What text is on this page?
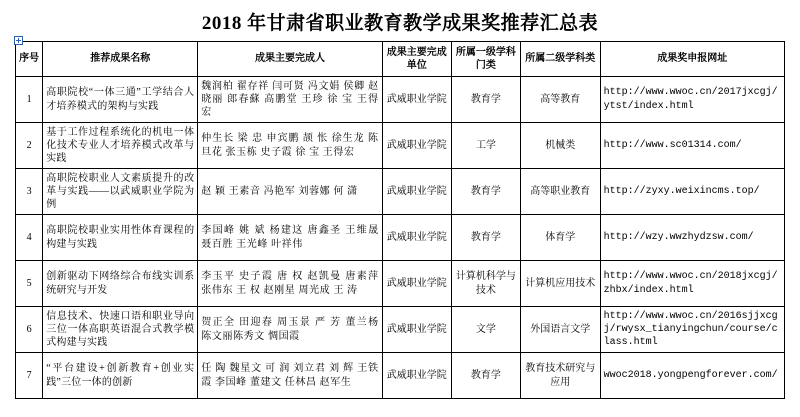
2018 年甘肃省职业教育教学成果奖推荐汇总表
序号	推荐成果名称	成果主要完成人	成果主要完成单位	所属一级学科门类	所属二级学科类	成果奖申报网址
1	高职院校“一体三通”工学结合人才培养模式的架构与实践	魏润柏 翟存祥 闫可贤 冯文娟 侯卿 赵晓丽 郎春蘇 高鹏堂 王珍 徐 宝 王得宏	武威职业学院	教育学	高等教育	http://www.wwoc.cn/2017jxcgj/ytst/index.html
2	基于工作过程系统化的机电一体化技术专业人才培养模式改革与实践	仲生长 梁 忠 申宾鹏 颉 怅 徐生龙 陈旦花 张玉栋 史子霞 徐 宝 王得宏	武威职业学院	工学	机械类	http://www.sc01314.com/
3	高职院校职业人文素质提升的改革与实践——以武威职业学院为例	赵 颖 王素音 冯艳军 刘蓉娜 何 潇	武威职业学院	教育学	高等职业教育	http://zyxy.weixincms.top/
4	高职院校职业实用性体育课程的构建与实践	李国峰 姚 斌 杨建这 唐鑫圣 王维晟 聂百胜 王光峰 叶祥伟	武威职业学院	教育学	体育学	http://wzy.wwzhydzsw.com/
5	创新驱动下网络综合布线实训系统研究与开发	李玉平 史子霞 唐 权 赵凯曼 唐素萍 张伟东 王 权 赵刚星 周光成 王 涛	武威职业学院	计算机科学与技术	计算机应用技术	http://www.wwoc.cn/2018jxcgj/zhbx/index.html
6	信息技术、快速口语和职业导向三位一体高职英语混合式教学模式构建与实践	贺正全 田迎春 周玉景 严 芳 董兰杨 陈文丽陈秀文 惆国霞	武威职业学院	文学	外国语言文学	http://www.wwoc.cn/2016sjjxcgj/rwysx_tianyingchun/course/class.html
7	“平台建设+创新教育+创业实践”三位一体的创新	任 陶 魏星文 可 润 刘立君 刘 辉 王铁霞 李国峰 董建文 任林昌 赵军生	武威职业学院	教育学	教育技术研究与应用	wwoc2018.yongpengforever.com/
